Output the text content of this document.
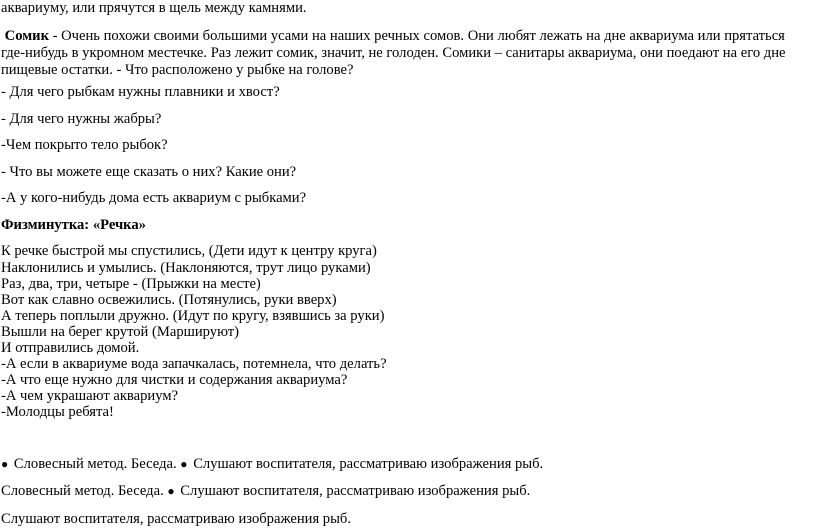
аквариуму, или прячутся в щель между камнями.
Сомик - Очень похожи своими большими усами на наших речных сомов. Они любят лежать на дне аквариума или прятаться где-нибудь в укромном местечке. Раз лежит сомик, значит, не голоден. Сомики – санитары аквариума, они поедают на его дне пищевые остатки. - Что расположено у рыбке на голове?
- Для чего рыбкам нужны плавники и хвост?
- Для чего нужны жабры?
-Чем покрыто тело рыбок?
- Что вы можете еще сказать о них? Какие они?
-А у кого-нибудь дома есть аквариум с рыбками?
Физминутка: «Речка»
К речке быстрой мы спустились, (Дети идут к центру круга)
Наклонились и умылись. (Наклоняются, трут лицо руками)
Раз, два, три, четыре - (Прыжки на месте)
Вот как славно освежились. (Потянулись, руки вверх)
А теперь поплыли дружно. (Идут по кругу, взявшись за руки)
Вышли на берег крутой (Маршируют)
И отправились домой.
-А если в аквариуме вода запачкалась, потемнела, что делать?
-А что еще нужно для чистки и содержания аквариума?
-А чем украшают аквариум?
-Молодцы ребята!
● Словесный метод. Беседа. ● Слушают воспитателя, рассматриваю изображения рыб.
Словесный метод. Беседа. ● Слушают воспитателя, рассматриваю изображения рыб.
Слушают воспитателя, рассматриваю изображения рыб.
